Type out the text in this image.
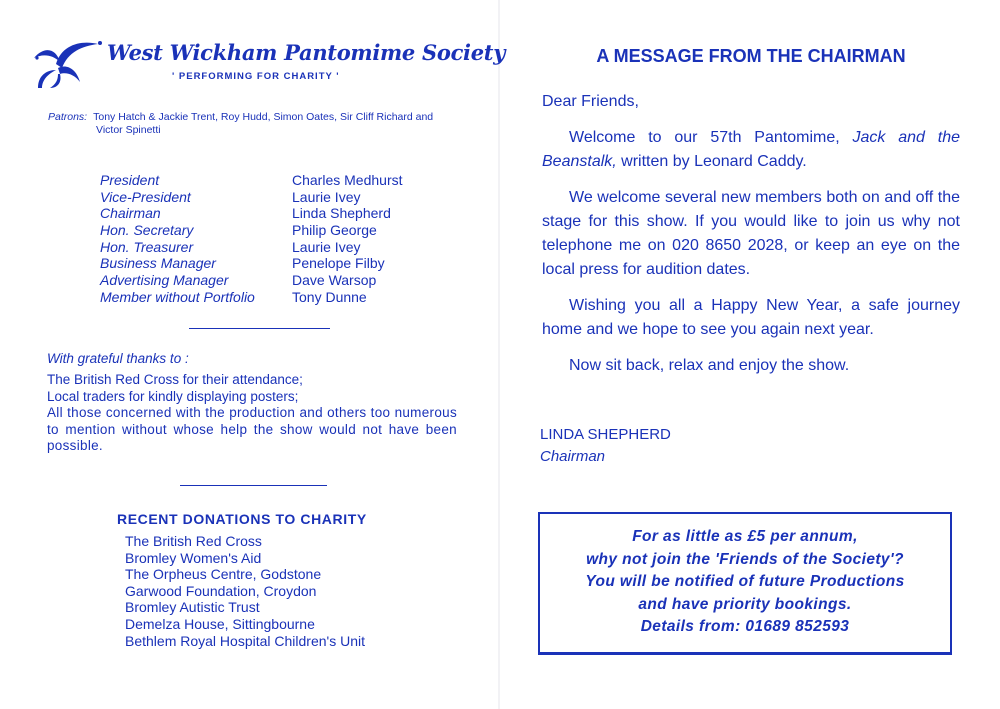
West Wickham Pantomime Society
' PERFORMING FOR CHARITY '
Patrons: Tony Hatch & Jackie Trent, Roy Hudd, Simon Oates, Sir Cliff Richard and
Victor Spinetti
President	Charles Medhurst
Vice-President	Laurie Ivey
Chairman	Linda Shepherd
Hon. Secretary	Philip George
Hon. Treasurer	Laurie Ivey
Business Manager	Penelope Filby
Advertising Manager	Dave Warsop
Member without Portfolio	Tony Dunne
With grateful thanks to :
The British Red Cross for their attendance;
Local traders for kindly displaying posters;
All those concerned with the production and others too numerous to mention without whose help the show would not have been possible.
RECENT DONATIONS TO CHARITY
The British Red Cross
Bromley Women's Aid
The Orpheus Centre, Godstone
Garwood Foundation, Croydon
Bromley Autistic Trust
Demelza House, Sittingbourne
Bethlem Royal Hospital Children's Unit
A MESSAGE FROM THE CHAIRMAN

Dear Friends,

Welcome to our 57th Pantomime, Jack and the Beanstalk, written by Leonard Caddy.

We welcome several new members both on and off the stage for this show. If you would like to join us why not telephone me on 020 8650 2028, or keep an eye on the local press for audition dates.

Wishing you all a Happy New Year, a safe journey home and we hope to see you again next year.

Now sit back, relax and enjoy the show.

LINDA SHEPHERD
Chairman
For as little as £5 per annum,
why not join the 'Friends of the Society'?
You will be notified of future Productions
and have priority bookings.
Details from: 01689 852593
